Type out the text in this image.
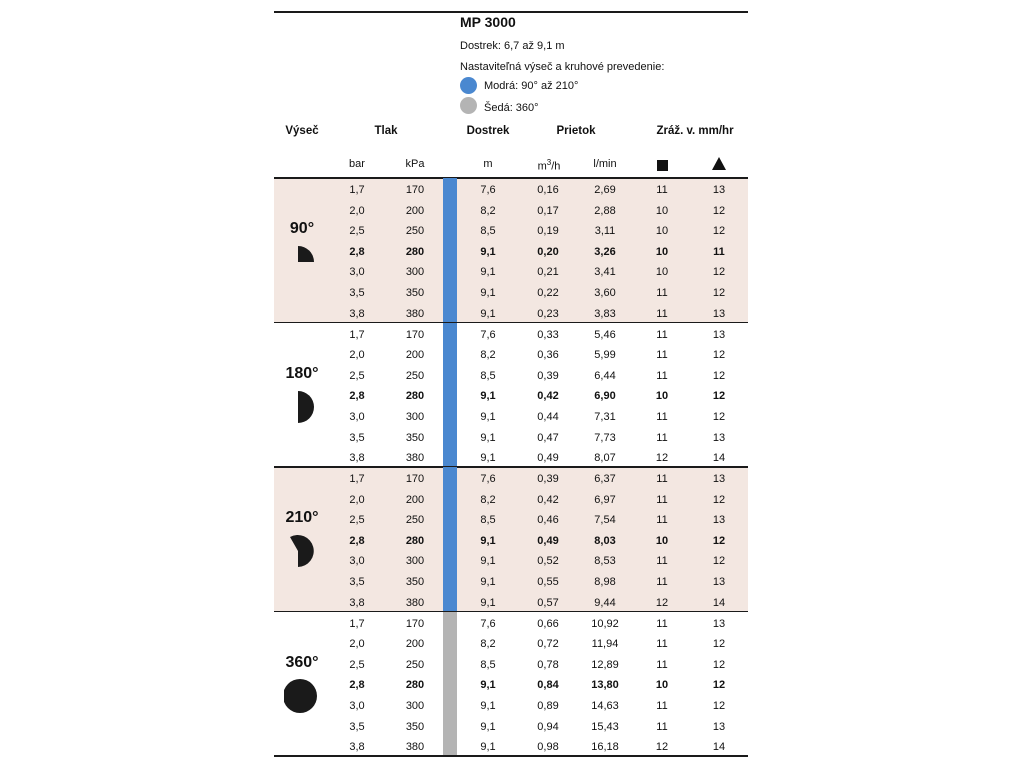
MP 3000
Dostrek: 6,7 až 9,1 m
Nastaviteľná výseč a kruhové prevedenie:
Modrá: 90° až 210°
Šedá: 360°
Výseč	Tlak	Dostrek	Prietok	Zráž. v. mm/hr
bar	kPa	m	$m^3/h$	l/min
90°
1,7	170	7,6	0,16	2,69	11	13
2,0	200	8,2	0,17	2,88	10	12
2,5	250	8,5	0,19	3,11	10	12
2,8	280	9,1	0,20	3,26	10	11
3,0	300	9,1	0,21	3,41	10	12
3,5	350	9,1	0,22	3,60	11	12
3,8	380	9,1	0,23	3,83	11	13
180°
1,7	170	7,6	0,33	5,46	11	13
2,0	200	8,2	0,36	5,99	11	12
2,5	250	8,5	0,39	6,44	11	12
2,8	280	9,1	0,42	6,90	10	12
3,0	300	9,1	0,44	7,31	11	12
3,5	350	9,1	0,47	7,73	11	13
3,8	380	9,1	0,49	8,07	12	14
210°
1,7	170	7,6	0,39	6,37	11	13
2,0	200	8,2	0,42	6,97	11	12
2,5	250	8,5	0,46	7,54	11	13
2,8	280	9,1	0,49	8,03	10	12
3,0	300	9,1	0,52	8,53	11	12
3,5	350	9,1	0,55	8,98	11	13
3,8	380	9,1	0,57	9,44	12	14
360°
1,7	170	7,6	0,66	10,92	11	13
2,0	200	8,2	0,72	11,94	11	12
2,5	250	8,5	0,78	12,89	11	12
2,8	280	9,1	0,84	13,80	10	12
3,0	300	9,1	0,89	14,63	11	12
3,5	350	9,1	0,94	15,43	11	13
3,8	380	9,1	0,98	16,18	12	14
